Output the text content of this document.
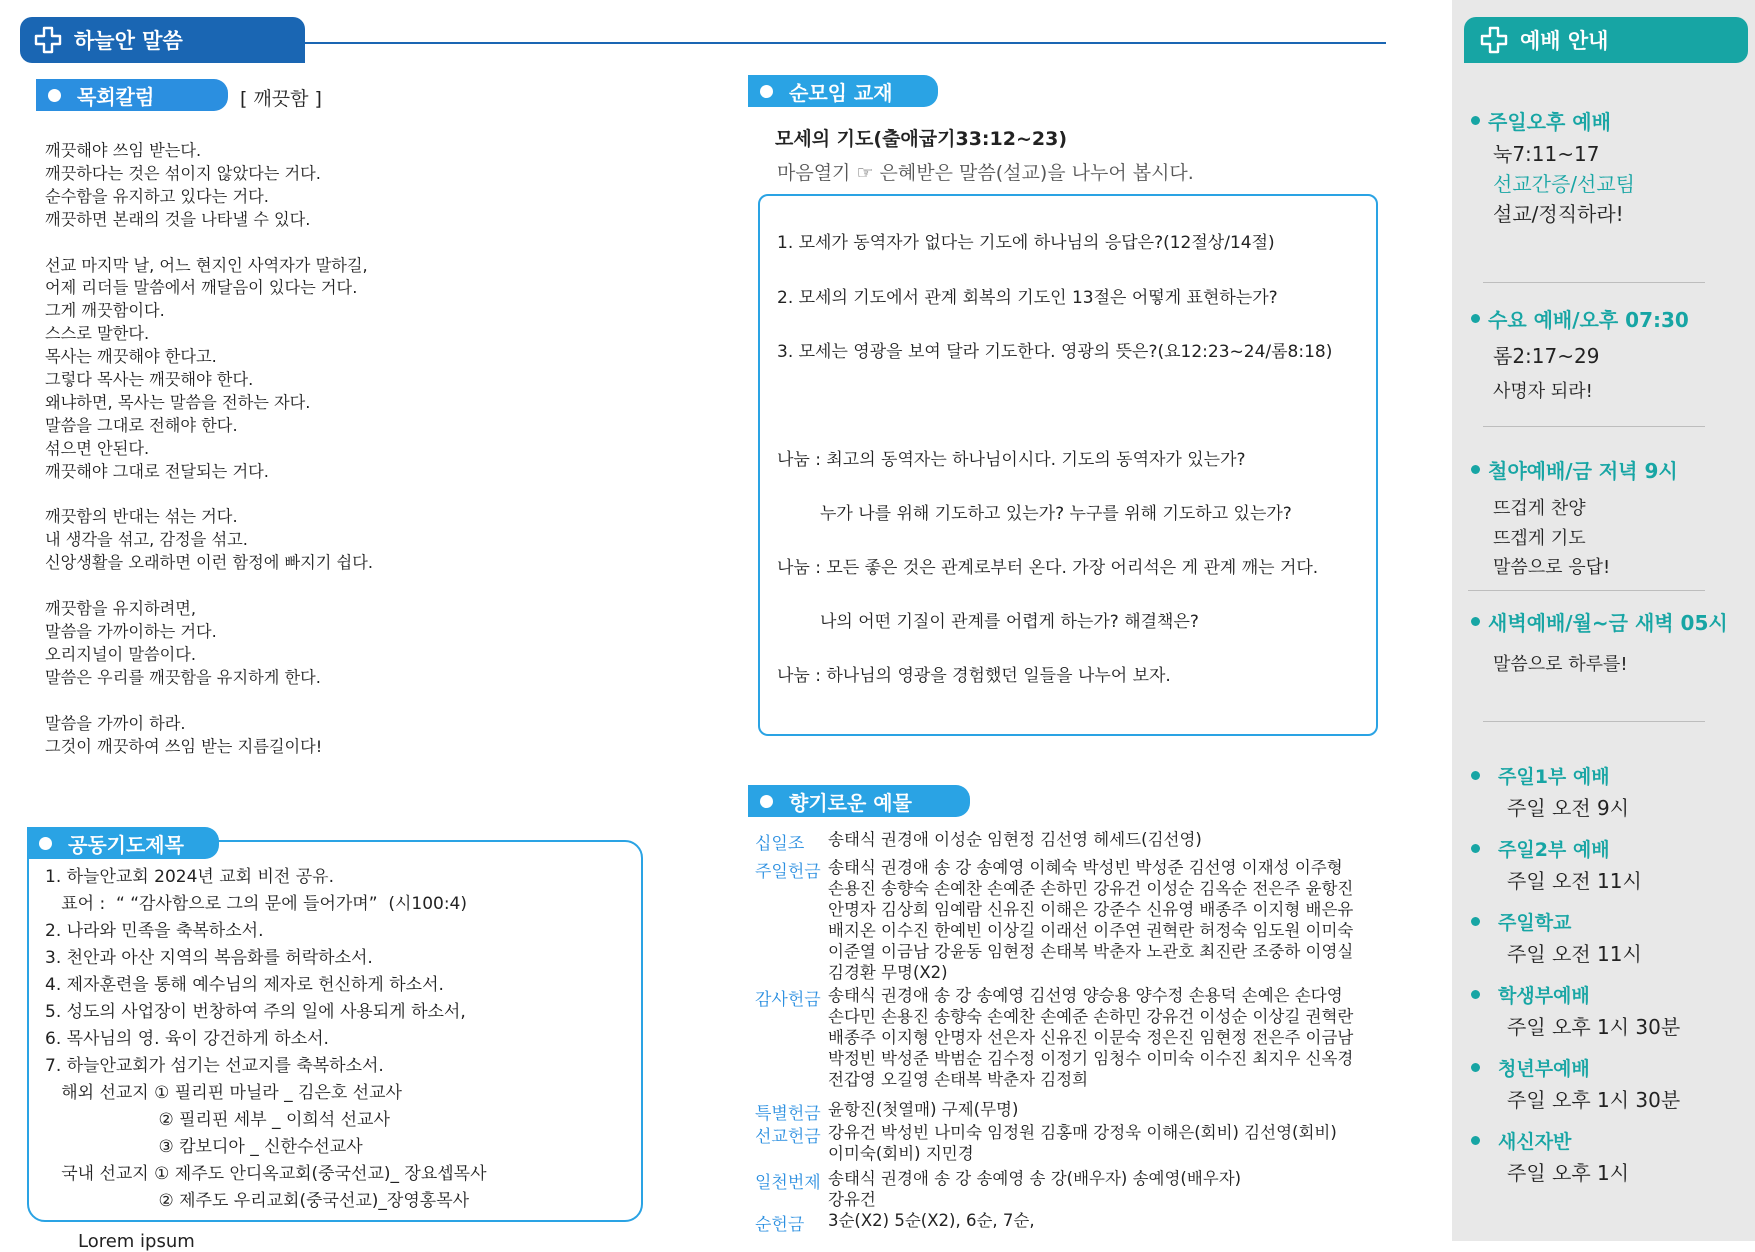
하늘안 말씀
목회칼럼	[ 깨끗함 ]

깨끗해야 쓰임 받는다.

깨끗하다는 것은 섞이지 않았다는 거다.

순수함을 유지하고 있다는 거다.

깨끗하면 본래의 것을 나타낼 수 있다.

선교 마지막 날, 어느 현지인 사역자가 말하길,

어제 리더들 말씀에서 깨달음이 있다는 거다.

그게 깨끗함이다.

스스로 말한다.

목사는 깨끗해야 한다고.

그렇다 목사는 깨끗해야 한다.

왜냐하면, 목사는 말씀을 전하는 자다.

말씀을 그대로 전해야 한다.

섞으면 안된다.

깨끗해야 그대로 전달되는 거다.

깨끗함의 반대는 섞는 거다.

내 생각을 섞고, 감정을 섞고.

신앙생활을 오래하면 이런 함정에 빠지기 쉽다.

깨끗함을 유지하려면,

말씀을 가까이하는 거다.

오리지널이 말씀이다.

말씀은 우리를 깨끗함을 유지하게 한다.

말씀을 가까이 하라.

그것이 깨끗하여 쓰임 받는 지름길이다!

공동기도제목

1. 하늘안교회 2024년 교회 비전 공유.

표어 :  “ “감사함으로 그의 문에 들어가며”  (시100:4)

2. 나라와 민족을 축복하소서.

3. 천안과 아산 지역의 복음화를 허락하소서.

4. 제자훈련을 통해 예수님의 제자로 헌신하게 하소서.

5. 성도의 사업장이 번창하여 주의 일에 사용되게 하소서,

6. 목사님의 영. 육이 강건하게 하소서.

7. 하늘안교회가 섬기는 선교지를 축복하소서.

해외 선교지 ① 필리핀 마닐라 _ 김은호 선교사

② 필리핀 세부 _ 이희석 선교사

③ 캄보디아 _ 신한수선교사

국내 선교지 ① 제주도 안디옥교회(중국선교)_ 장요셉목사

② 제주도 우리교회(중국선교)_장영홍목사

Lorem ipsum
순모임 교재
모세의 기도(출애굽기33:12~23)
마음열기 ☞ 은혜받은 말씀(설교)을 나누어 봅시다.
1. 모세가 동역자가 없다는 기도에 하나님의 응답은?(12절상/14절)
2. 모세의 기도에서 관계 회복의 기도인 13절은 어떻게 표현하는가?
3. 모세는 영광을 보여 달라 기도한다. 영광의 뜻은?(요12:23~24/롬8:18)
나눔 : 최고의 동역자는 하나님이시다. 기도의 동역자가 있는가?
누가 나를 위해 기도하고 있는가? 누구를 위해 기도하고 있는가?
나눔 : 모든 좋은 것은 관계로부터 온다. 가장 어리석은 게 관계 깨는 거다.
나의 어떤 기질이 관계를 어렵게 하는가? 해결책은?
나눔 : 하나님의 영광을 경험했던 일들을 나누어 보자.
향기로운 예물
십일조 송태식 권경애 이성순 임현정 김선영 헤세드(김선영)
주일헌금 송태식 권경애 송 강 송예영 이혜숙 박성빈 박성준 김선영 이재성 이주형
손용진 송향숙 손예찬 손예준 손하민 강유건 이성순 김옥순 전은주 윤항진
안명자 김상희 임예람 신유진 이해은 강준수 신유영 배종주 이지형 배은유
배지온 이수진 한예빈 이상길 이래선 이주연 권혁란 허정숙 임도원 이미숙
이준열 이금남 강윤동 임현정 손태복 박춘자 노관호 최진란 조중하 이영실
김경환 무명(X2)
감사헌금 송태식 권경애 송 강 송예영 김선영 양승용 양수정 손용덕 손예은 손다영
손다민 손용진 송향숙 손예찬 손예준 손하민 강유건 이성순 이상길 권혁란
배종주 이지형 안명자 선은자 신유진 이문숙 정은진 임현정 전은주 이금남
박정빈 박성준 박범순 김수정 이정기 임청수 이미숙 이수진 최지우 신옥경
전갑영 오길영 손태복 박춘자 김정희
특별헌금 윤항진(첫열매) 구제(무명)
선교헌금 강유건 박성빈 나미숙 임정원 김홍매 강정욱 이해은(회비) 김선영(회비)
이미숙(회비) 지민경
일천번제 송태식 권경애 송 강 송예영 송 강(배우자) 송예영(배우자)
강유건
순헌금 3순(X2) 5순(X2), 6순, 7순,
예배 안내
주일오후 예배
눅7:11~17
선교간증/선교팀
설교/정직하라!
수요 예배/오후 07:30
롬2:17~29
사명자 되라!
철야예배/금 저녁 9시
뜨겁게 찬양
뜨겝게 기도
말씀으로 응답!
새벽예배/월~금 새벽 05시
말씀으로 하루를!
주일1부 예배
주일 오전 9시
주일2부 예배
주일 오전 11시
주일학교
주일 오전 11시
학생부예배
주일 오후 1시 30분
청년부예배
주일 오후 1시 30분
새신자반
주일 오후 1시
